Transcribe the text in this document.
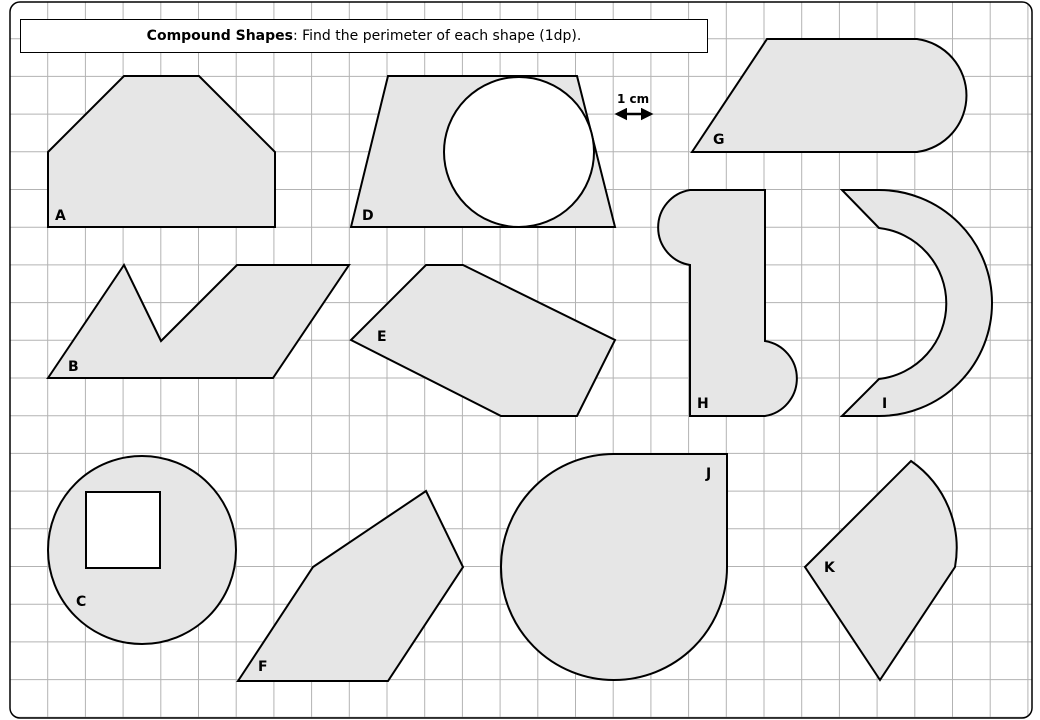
A
B
C
D
1 cm
E
F
G
H	I
J
K
Compound Shapes: Find the perimeter of each shape (1dp).
